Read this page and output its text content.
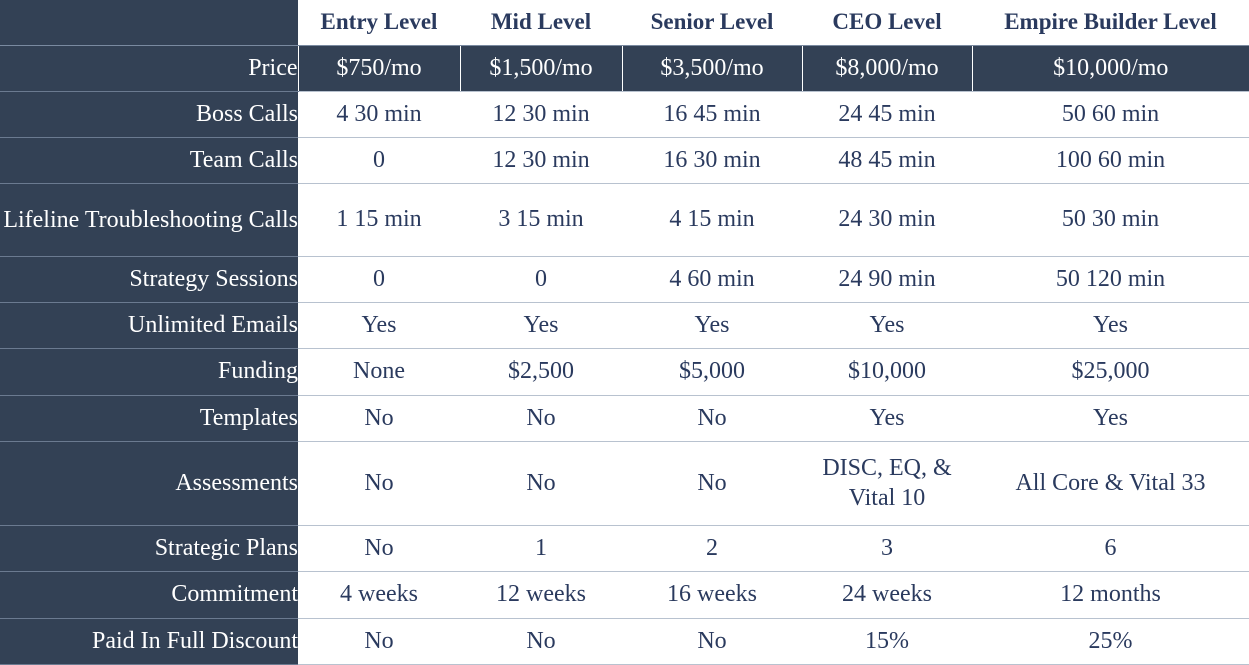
	Entry Level	Mid Level	Senior Level	CEO Level	Empire Builder Level
Price	$750/mo	$1,500/mo	$3,500/mo	$8,000/mo	$10,000/mo
Boss Calls	4 30 min	12 30 min	16 45 min	24 45 min	50 60 min
Team Calls	0	12 30 min	16 30 min	48 45 min	100 60 min
Lifeline Troubleshooting Calls	1 15 min	3 15 min	4 15 min	24 30 min	50 30 min
Strategy Sessions	0	0	4 60 min	24 90 min	50 120 min
Unlimited Emails	Yes	Yes	Yes	Yes	Yes
Funding	None	$2,500	$5,000	$10,000	$25,000
Templates	No	No	No	Yes	Yes
Assessments	No	No	No	DISC, EQ, & Vital 10	All Core & Vital 33
Strategic Plans	No	1	2	3	6
Commitment	4 weeks	12 weeks	16 weeks	24 weeks	12 months
Paid In Full Discount	No	No	No	15%	25%
